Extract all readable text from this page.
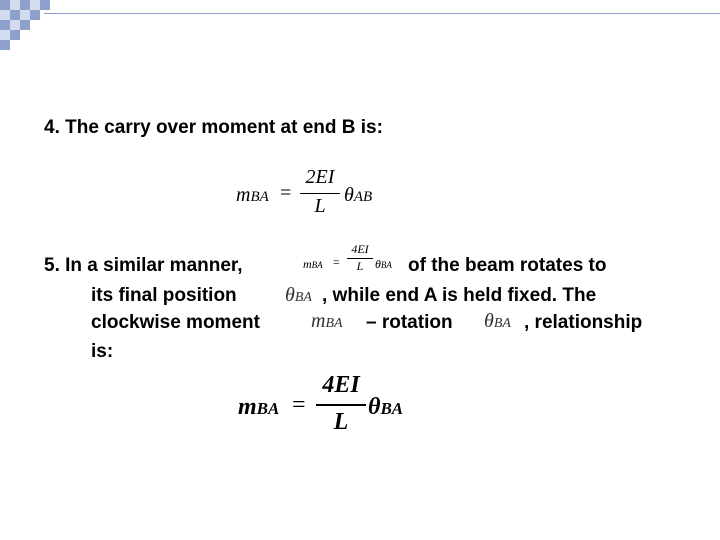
4. The carry over moment at end B is:
mBA =
2EI
L θAB
5. In a similar manner,	mBA =
4EI
L θBA of the beam rotates to
its final position θBA , while end A is held fixed. The
clockwise moment	mBA – rotation θBA , relationship
is:
mBA =
4EI
L
θBA
